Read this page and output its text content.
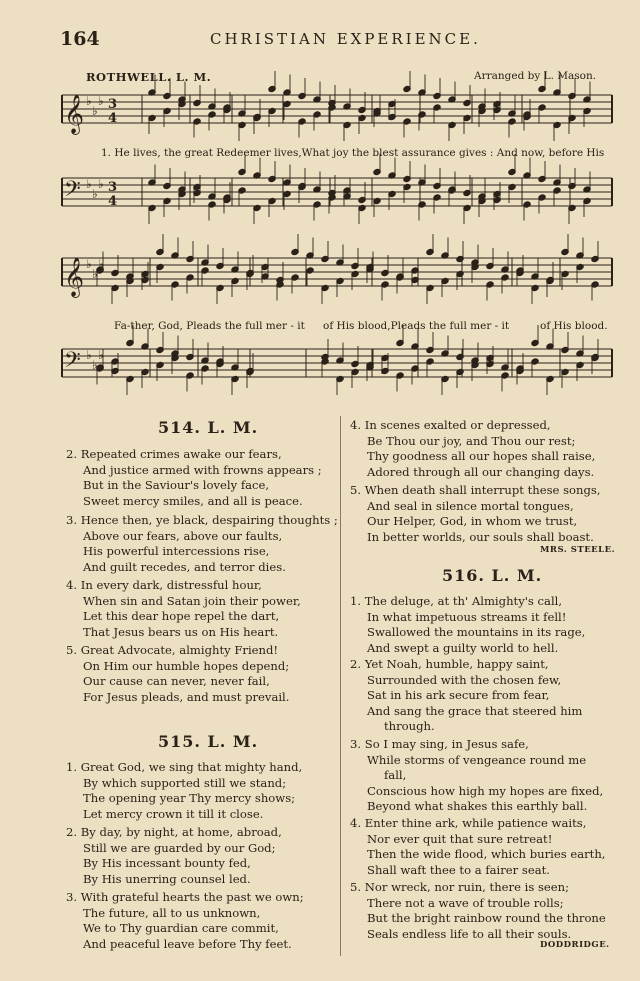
164	CHRISTIAN EXPERIENCE.
ROTHWELL. L. M.	Arranged by L. Mason.
𝄞 ♭
♭
♭ 3
4
𝄢 ♭
♭
♭ 3
4
𝄞 ♭
♭
♭
𝄢 ♭
♭
♭
1. He lives, the great Redeemer lives,What joy the blest assurance gives : And now, before His
Fa-ther, God, Pleads the full mer - it of His blood,Pleads the full mer - it	of His blood.
514. L. M.
2. Repeated crimes awake our fears,
And justice armed with frowns appears ;
But in the Saviour's lovely face,
Sweet mercy smiles, and all is peace.
3. Hence then, ye black, despairing thoughts ;
Above our fears, above our faults,
His powerful intercessions rise,
And guilt recedes, and terror dies.
4. In every dark, distressful hour,
When sin and Satan join their power,
Let this dear hope repel the dart,
That Jesus bears us on His heart.
5. Great Advocate, almighty Friend!
On Him our humble hopes depend;
Our cause can never, never fail,
For Jesus pleads, and must prevail.
4. In scenes exalted or depressed,
Be Thou our joy, and Thou our rest;
Thy goodness all our hopes shall raise,
Adored through all our changing days.
5. When death shall interrupt these songs,
And seal in silence mortal tongues,
Our Helper, God, in whom we trust,
In better worlds, our souls shall boast.
MRS. STEELE.
515. L. M.
1. Great God, we sing that mighty hand,
By which supported still we stand;
The opening year Thy mercy shows;
Let mercy crown it till it close.
2. By day, by night, at home, abroad,
Still we are guarded by our God;
By His incessant bounty fed,
By His unerring counsel led.
3. With grateful hearts the past we own;
The future, all to us unknown,
We to Thy guardian care commit,
And peaceful leave before Thy feet.
516. L. M.
1. The deluge, at th' Almighty's call,
In what impetuous streams it fell!
Swallowed the mountains in its rage,
And swept a guilty world to hell.
2. Yet Noah, humble, happy saint,
Surrounded with the chosen few,
Sat in his ark secure from fear,
And sang the grace that steered him
through.
3. So I may sing, in Jesus safe,
While storms of vengeance round me
fall,
Conscious how high my hopes are fixed,
Beyond what shakes this earthly ball.
4. Enter thine ark, while patience waits,
Nor ever quit that sure retreat!
Then the wide flood, which buries earth,
Shall waft thee to a fairer seat.
5. Nor wreck, nor ruin, there is seen;
There not a wave of trouble rolls;
But the bright rainbow round the throne
Seals endless life to all their souls.
DODDRIDGE.
